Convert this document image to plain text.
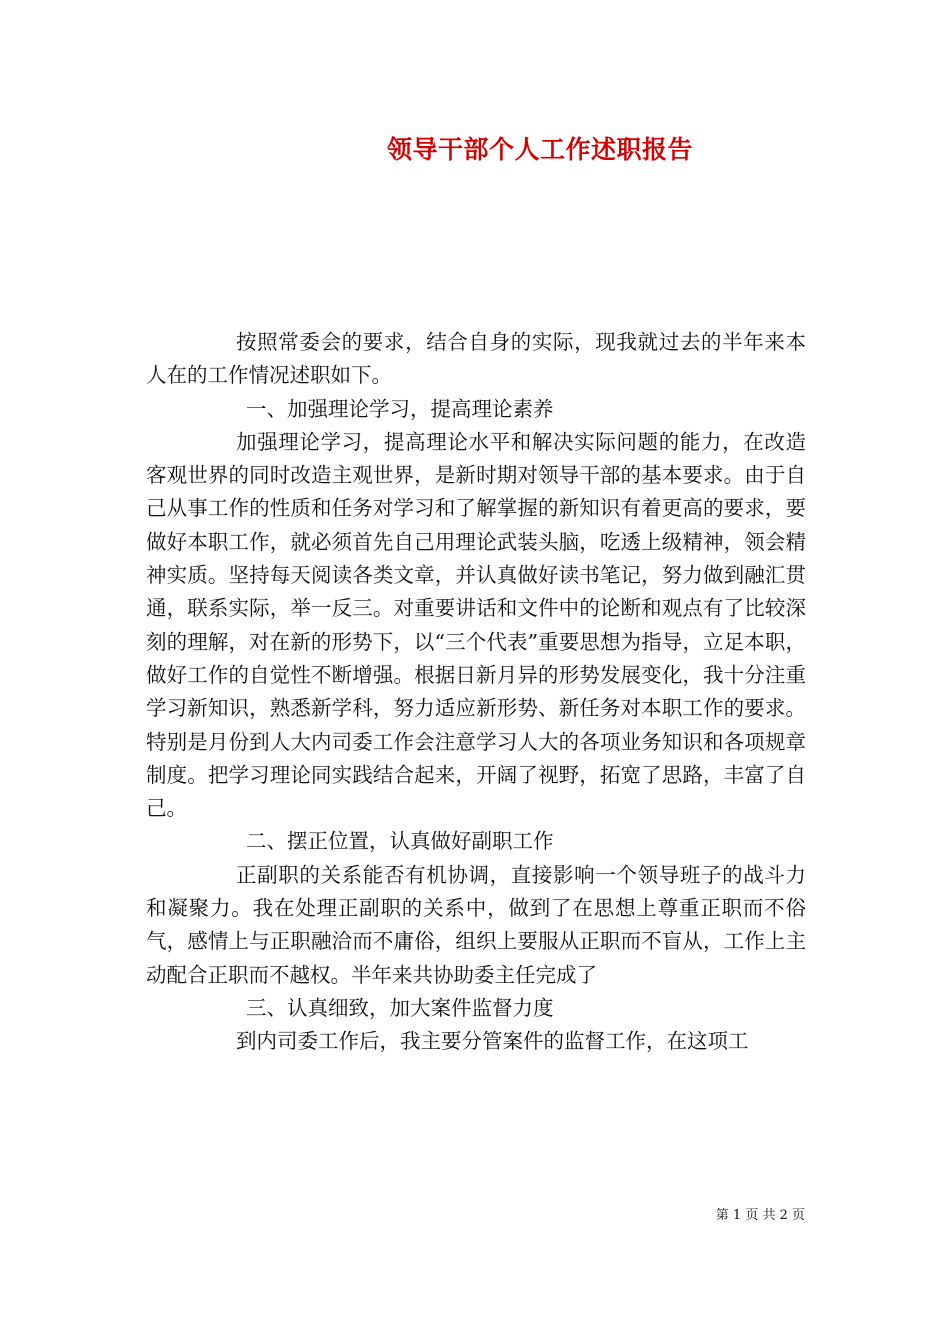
领导干部个人工作述职报告

按照常委会的要求，结合自身的实际，现我就过去的半年来本人在的工作情况述职如下。

一、加强理论学习，提高理论素养

加强理论学习，提高理论水平和解决实际问题的能力，在改造客观世界的同时改造主观世界，是新时期对领导干部的基本要求。由于自己从事工作的性质和任务对学习和了解掌握的新知识有着更高的要求，要做好本职工作，就必须首先自己用理论武装头脑，吃透上级精神，领会精神实质。坚持每天阅读各类文章，并认真做好读书笔记，努力做到融汇贯通，联系实际，举一反三。对重要讲话和文件中的论断和观点有了比较深刻的理解，对在新的形势下，以“三个代表”重要思想为指导，立足本职，做好工作的自觉性不断增强。根据日新月异的形势发展变化，我十分注重学习新知识，熟悉新学科，努力适应新形势、新任务对本职工作的要求。特别是月份到人大内司委工作会注意学习人大的各项业务知识和各项规章制度。把学习理论同实践结合起来，开阔了视野，拓宽了思路，丰富了自己。

二、摆正位置，认真做好副职工作

正副职的关系能否有机协调，直接影响一个领导班子的战斗力和凝聚力。我在处理正副职的关系中，做到了在思想上尊重正职而不俗气，感情上与正职融洽而不庸俗，组织上要服从正职而不盲从，工作上主动配合正职而不越权。半年来共协助委主任完成了

三、认真细致，加大案件监督力度

到内司委工作后，我主要分管案件的监督工作，在这项工

第 1 页 共 2 页
